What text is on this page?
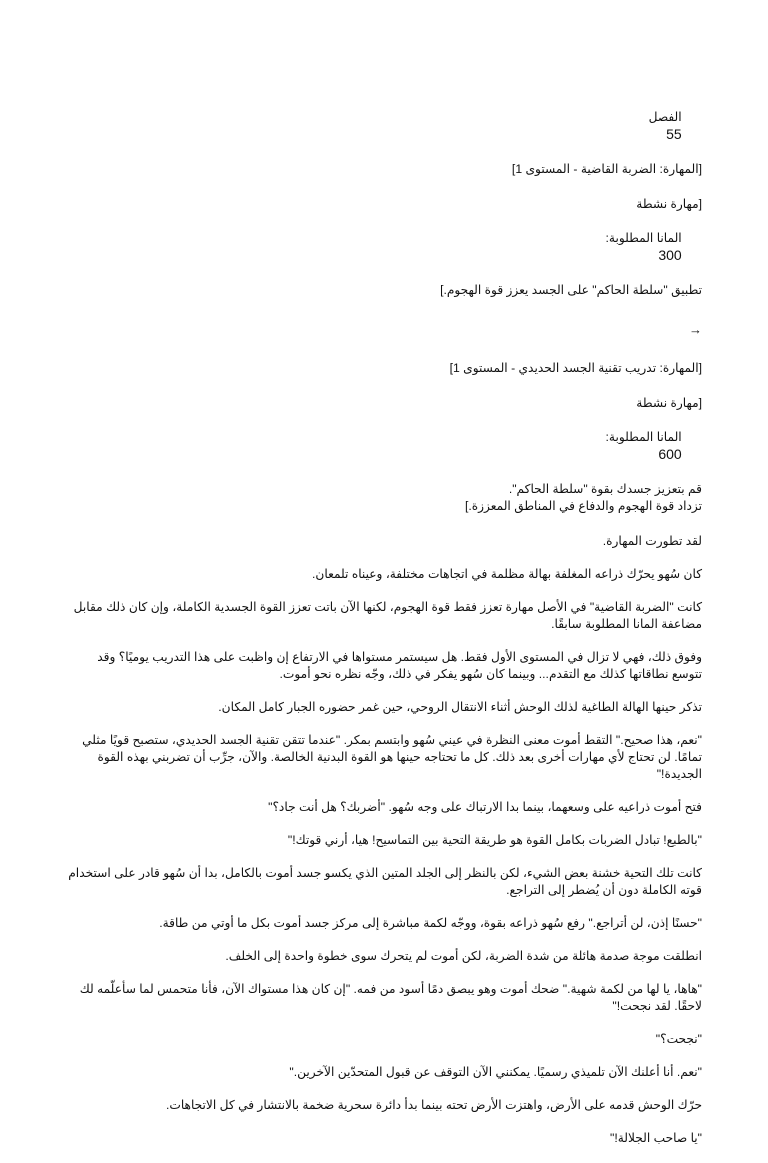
الفصل
55

[المهارة: الضربة القاضية - المستوى 1]
[مهارة نشطة

المانا المطلوبة:
300

تطبيق "سلطة الحاكم" على الجسد يعزز قوة الهجوم.]
→
[المهارة: تدريب تقنية الجسد الحديدي - المستوى 1]
[مهارة نشطة

المانا المطلوبة:
600

قم بتعزيز جسدك بقوة "سلطة الحاكم".
تزداد قوة الهجوم والدفاع في المناطق المعززة.]

لقد تطورت المهارة.

كان سُهو يحرّك ذراعه المغلفة بهالة مظلمة في اتجاهات مختلفة، وعيناه تلمعان.

كانت "الضربة القاضية" في الأصل مهارة تعزز فقط قوة الهجوم، لكنها الآن باتت تعزز القوة الجسدية الكاملة، وإن كان ذلك مقابل مضاعفة المانا المطلوبة سابقًا.

وفوق ذلك، فهي لا تزال في المستوى الأول فقط. هل سيستمر مستواها في الارتفاع إن واظبت على هذا التدريب يوميًا؟ وقد تتوسع نطاقاتها كذلك مع التقدم... وبينما كان سُهو يفكر في ذلك، وجّه نظره نحو أموت.

تذكر حينها الهالة الطاغية لذلك الوحش أثناء الانتقال الروحي، حين غمر حضوره الجبار كامل المكان.

"نعم، هذا صحيح." التقط أموت معنى النظرة في عيني سُهو وابتسم بمكر. "عندما تتقن تقنية الجسد الحديدي، ستصبح قويًا مثلي تمامًا. لن تحتاج لأي مهارات أخرى بعد ذلك. كل ما تحتاجه حينها هو القوة البدنية الخالصة. والآن، جرِّب أن تضربني بهذه القوة الجديدة!"

فتح أموت ذراعيه على وسعهما، بينما بدا الارتباك على وجه سُهو. "أضربك؟ هل أنت جاد؟"

"بالطبع! تبادل الضربات بكامل القوة هو طريقة التحية بين التماسيح! هيا، أرني قوتك!"

كانت تلك التحية خشنة بعض الشيء، لكن بالنظر إلى الجلد المتين الذي يكسو جسد أموت بالكامل، بدا أن سُهو قادر على استخدام قوته الكاملة دون أن يُضطر إلى التراجع.

"حسنًا إذن، لن أتراجع." رفع سُهو ذراعه بقوة، ووجّه لكمة مباشرة إلى مركز جسد أموت بكل ما أوتي من طاقة.

انطلقت موجة صدمة هائلة من شدة الضربة، لكن أموت لم يتحرك سوى خطوة واحدة إلى الخلف.

"هاها، يا لها من لكمة شهية." ضحك أموت وهو يبصق دمًا أسود من فمه. "إن كان هذا مستواك الآن، فأنا متحمس لما سأعلّمه لك لاحقًا. لقد نجحت!"

"نجحت؟"

"نعم. أنا أعلنك الآن تلميذي رسميًا. يمكنني الآن التوقف عن قبول المتحدّين الآخرين."

حرّك الوحش قدمه على الأرض، واهتزت الأرض تحته بينما بدأ دائرة سحرية ضخمة بالانتشار في كل الاتجاهات.

"يا صاحب الجلالة!"
